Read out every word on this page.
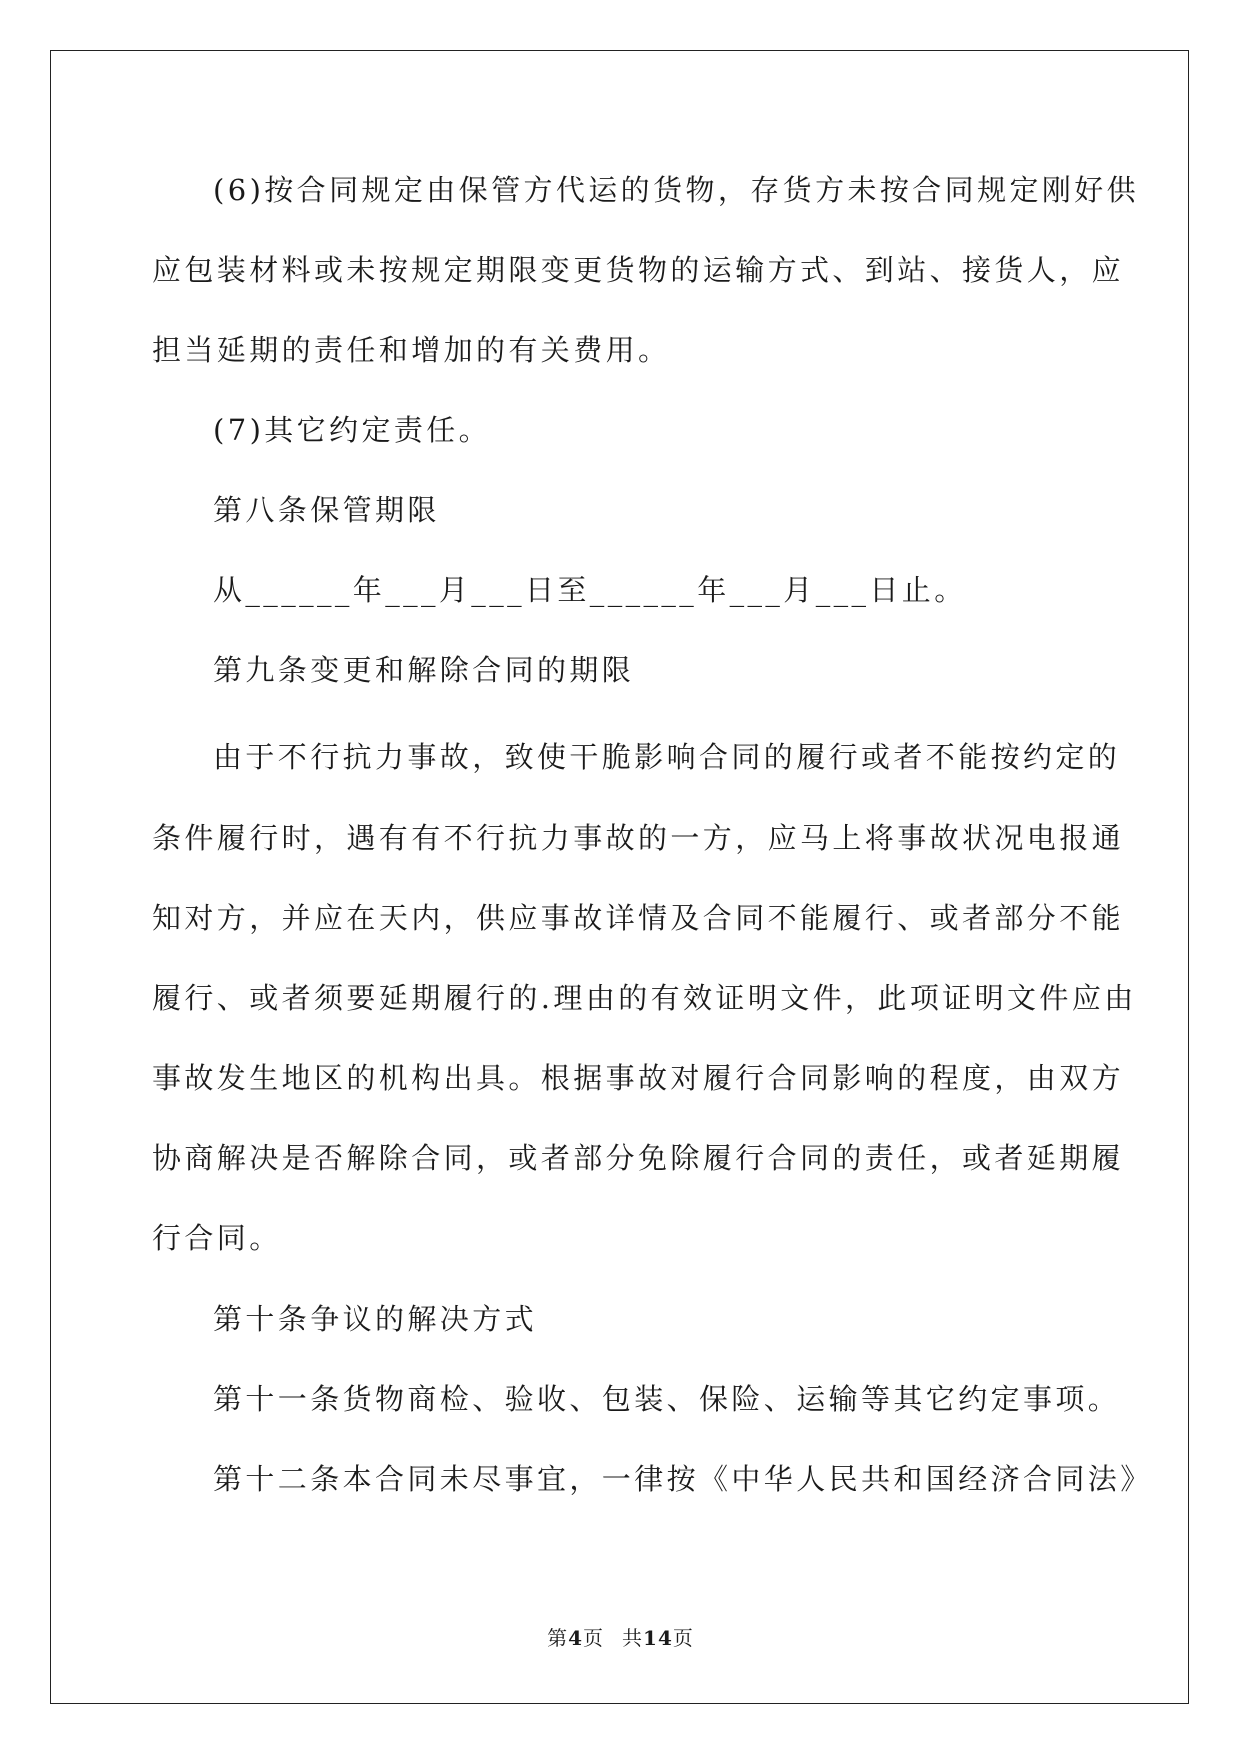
(6)按合同规定由保管方代运的货物，存货方未按合同规定刚好供

应包装材料或未按规定期限变更货物的运输方式、到站、接货人，应

担当延期的责任和增加的有关费用。

(7)其它约定责任。

第八条保管期限

从______年___月___日至______年___月___日止。

第九条变更和解除合同的期限

由于不行抗力事故，致使干脆影响合同的履行或者不能按约定的

条件履行时，遇有有不行抗力事故的一方，应马上将事故状况电报通

知对方，并应在天内，供应事故详情及合同不能履行、或者部分不能

履行、或者须要延期履行的.理由的有效证明文件，此项证明文件应由

事故发生地区的机构出具。根据事故对履行合同影响的程度，由双方

协商解决是否解除合同，或者部分免除履行合同的责任，或者延期履

行合同。

第十条争议的解决方式

第十一条货物商检、验收、包装、保险、运输等其它约定事项。

第十二条本合同未尽事宜，一律按《中华人民共和国经济合同法》

第4页 共14页
